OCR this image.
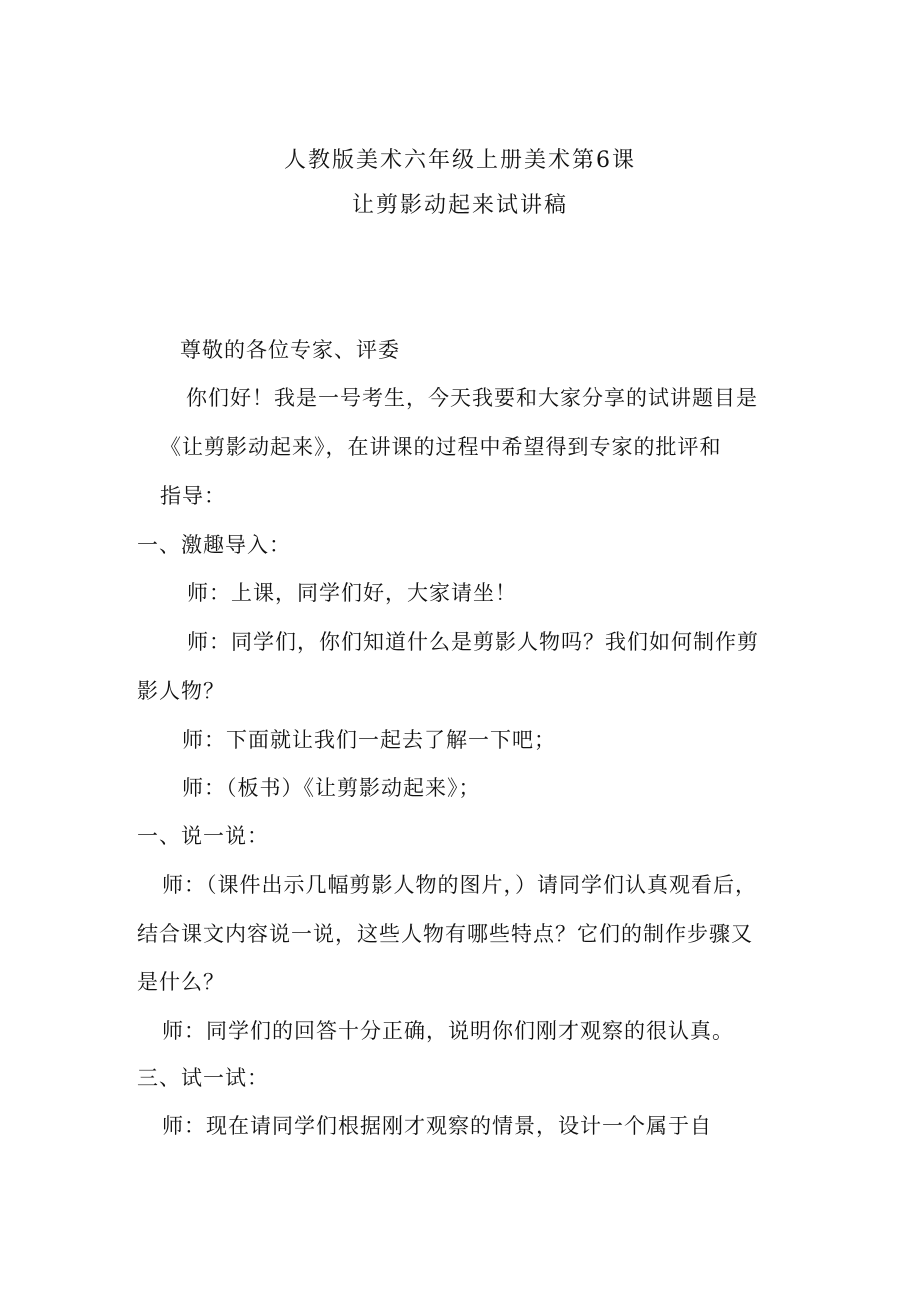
人教版美术六年级上册美术第6课
让剪影动起来试讲稿
尊敬的各位专家、评委
你们好！我是一号考生，今天我要和大家分享的试讲题目是
《让剪影动起来》，在讲课的过程中希望得到专家的批评和
指导：
一、激趣导入：
师：上课，同学们好，大家请坐！
师：同学们，你们知道什么是剪影人物吗？我们如何制作剪
影人物？
师：下面就让我们一起去了解一下吧；
师：（板书）《让剪影动起来》；
一、说一说：
师：（课件出示几幅剪影人物的图片，）请同学们认真观看后，
结合课文内容说一说，这些人物有哪些特点？它们的制作步骤又
是什么？
师：同学们的回答十分正确，说明你们刚才观察的很认真。
三、试一试：
师：现在请同学们根据刚才观察的情景，设计一个属于自
